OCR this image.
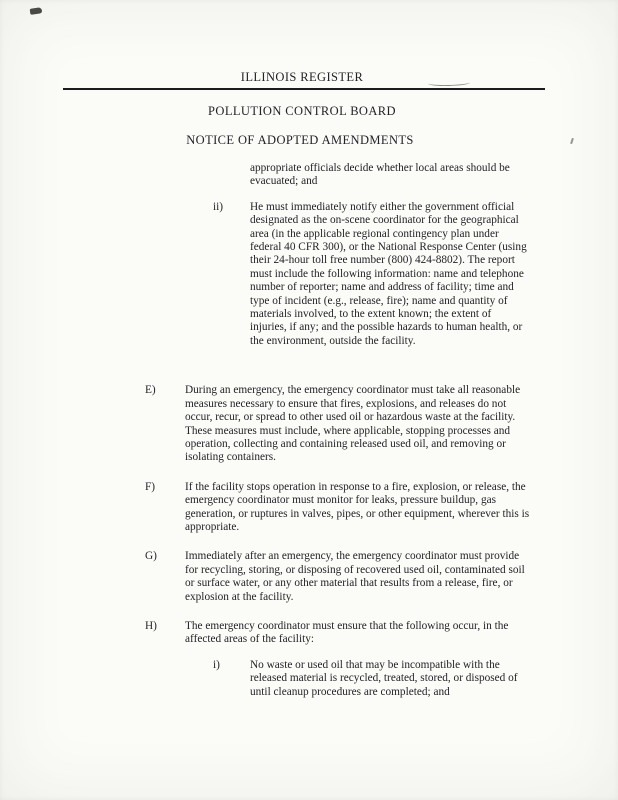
ILLINOIS REGISTER
POLLUTION CONTROL BOARD
NOTICE OF ADOPTED AMENDMENTS
appropriate officials decide whether local areas should be evacuated; and
ii)	He must immediately notify either the government official designated as the on-scene coordinator for the geographical area (in the applicable regional contingency plan under federal 40 CFR 300), or the National Response Center (using their 24-hour toll free number (800) 424-8802). The report must include the following information: name and telephone number of reporter; name and address of facility; time and type of incident (e.g., release, fire); name and quantity of materials involved, to the extent known; the extent of injuries, if any; and the possible hazards to human health, or the environment, outside the facility.
E)	During an emergency, the emergency coordinator must take all reasonable measures necessary to ensure that fires, explosions, and releases do not occur, recur, or spread to other used oil or hazardous waste at the facility. These measures must include, where applicable, stopping processes and operation, collecting and containing released used oil, and removing or isolating containers.
F)	If the facility stops operation in response to a fire, explosion, or release, the emergency coordinator must monitor for leaks, pressure buildup, gas generation, or ruptures in valves, pipes, or other equipment, wherever this is appropriate.
G)	Immediately after an emergency, the emergency coordinator must provide for recycling, storing, or disposing of recovered used oil, contaminated soil or surface water, or any other material that results from a release, fire, or explosion at the facility.
H)	The emergency coordinator must ensure that the following occur, in the affected areas of the facility:
i)	No waste or used oil that may be incompatible with the released material is recycled, treated, stored, or disposed of until cleanup procedures are completed; and
